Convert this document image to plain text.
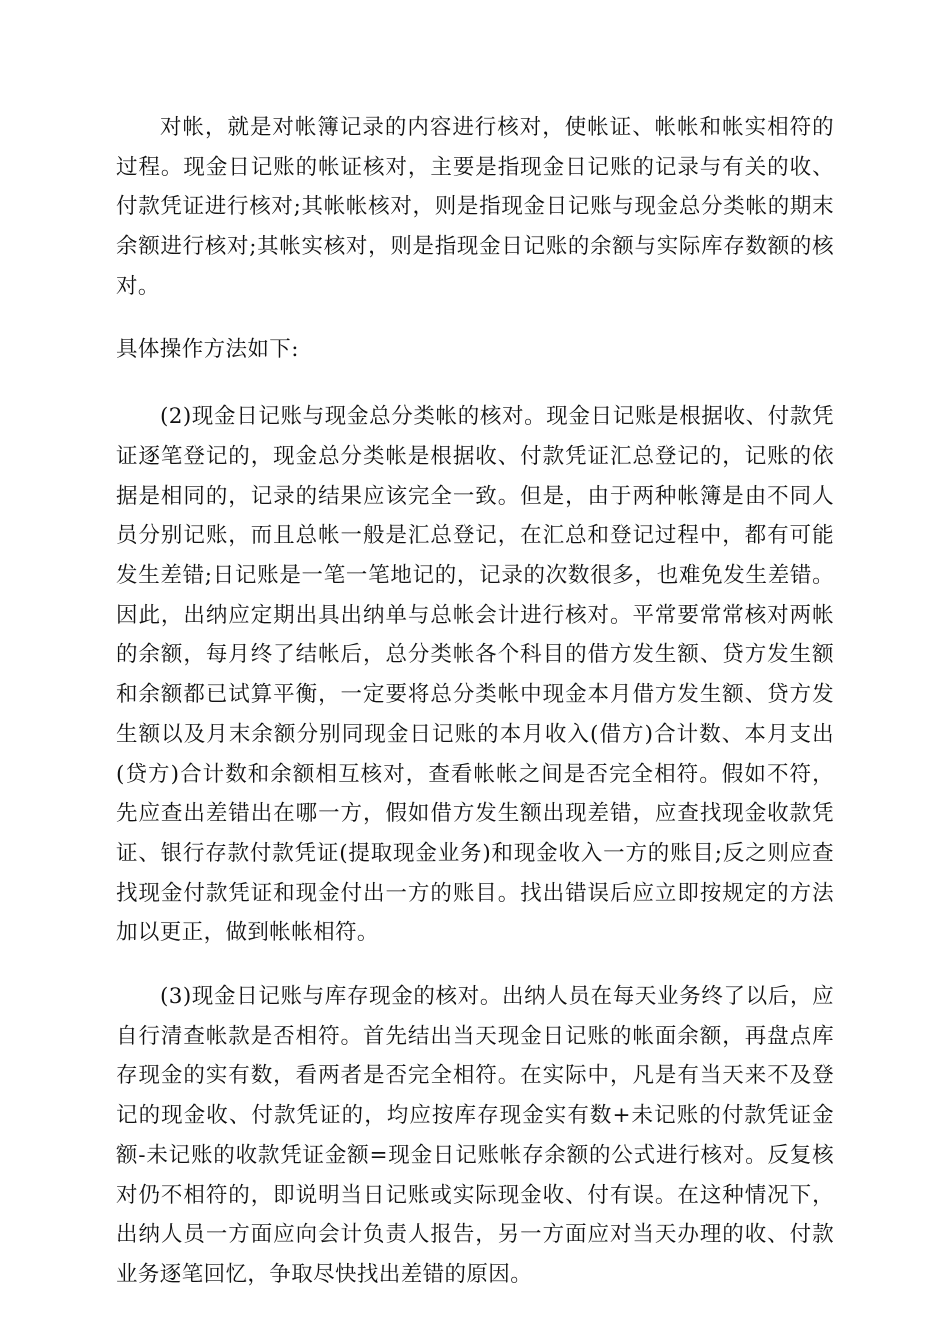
对帐，就是对帐簿记录的内容进行核对，使帐证、帐帐和帐实相符的过程。现金日记账的帐证核对，主要是指现金日记账的记录与有关的收、付款凭证进行核对;其帐帐核对，则是指现金日记账与现金总分类帐的期末余额进行核对;其帐实核对，则是指现金日记账的余额与实际库存数额的核对。

具体操作方法如下:

(2)现金日记账与现金总分类帐的核对。现金日记账是根据收、付款凭证逐笔登记的，现金总分类帐是根据收、付款凭证汇总登记的，记账的依据是相同的，记录的结果应该完全一致。但是，由于两种帐簿是由不同人员分别记账，而且总帐一般是汇总登记，在汇总和登记过程中，都有可能发生差错;日记账是一笔一笔地记的，记录的次数很多，也难免发生差错。因此，出纳应定期出具出纳单与总帐会计进行核对。平常要常常核对两帐的余额，每月终了结帐后，总分类帐各个科目的借方发生额、贷方发生额和余额都已试算平衡，一定要将总分类帐中现金本月借方发生额、贷方发生额以及月末余额分别同现金日记账的本月收入(借方)合计数、本月支出(贷方)合计数和余额相互核对，查看帐帐之间是否完全相符。假如不符，先应查出差错出在哪一方，假如借方发生额出现差错，应查找现金收款凭证、银行存款付款凭证(提取现金业务)和现金收入一方的账目;反之则应查找现金付款凭证和现金付出一方的账目。找出错误后应立即按规定的方法加以更正，做到帐帐相符。

(3)现金日记账与库存现金的核对。出纳人员在每天业务终了以后，应自行清查帐款是否相符。首先结出当天现金日记账的帐面余额，再盘点库存现金的实有数，看两者是否完全相符。在实际中，凡是有当天来不及登记的现金收、付款凭证的，均应按库存现金实有数+未记账的付款凭证金额-未记账的收款凭证金额=现金日记账帐存余额的公式进行核对。反复核对仍不相符的，即说明当日记账或实际现金收、付有误。在这种情况下，出纳人员一方面应向会计负责人报告，另一方面应对当天办理的收、付款业务逐笔回忆，争取尽快找出差错的原因。
